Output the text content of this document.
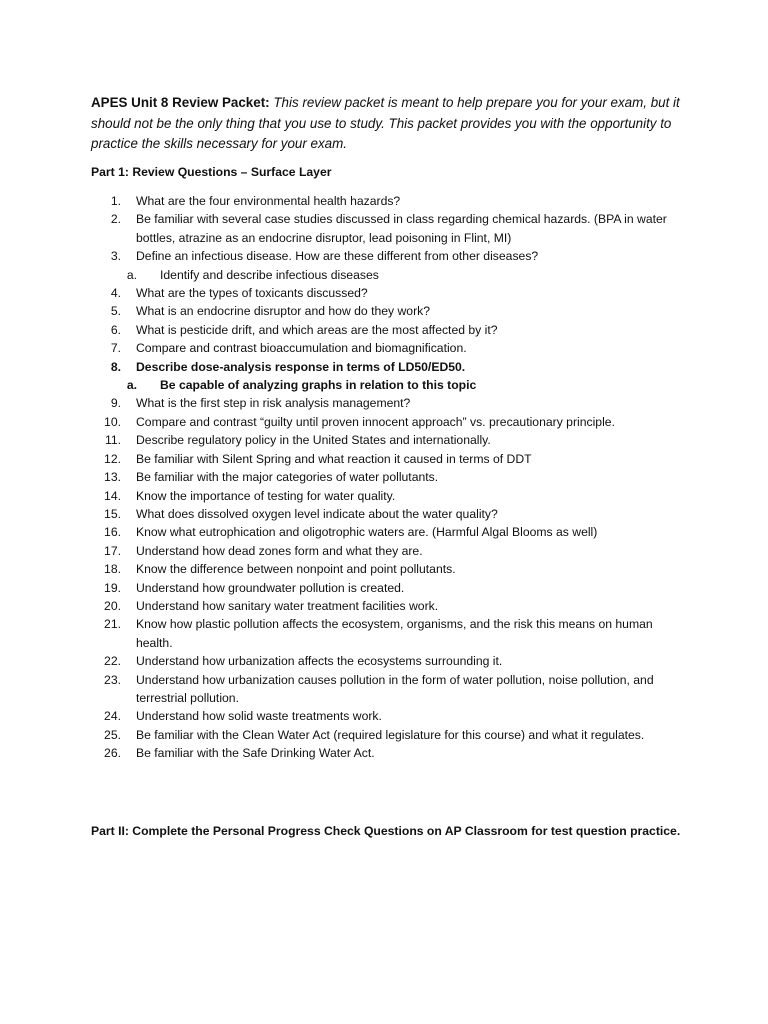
APES Unit 8 Review Packet: This review packet is meant to help prepare you for your exam, but it should not be the only thing that you use to study. This packet provides you with the opportunity to practice the skills necessary for your exam.

Part 1: Review Questions – Surface Layer

1.	What are the four environmental health hazards?
2.	Be familiar with several case studies discussed in class regarding chemical hazards. (BPA in water bottles, atrazine as an endocrine disruptor, lead poisoning in Flint, MI)
3.	Define an infectious disease. How are these different from other diseases?
a.	Identify and describe infectious diseases
4.	What are the types of toxicants discussed?
5.	What is an endocrine disruptor and how do they work?
6.	What is pesticide drift, and which areas are the most affected by it?
7.	Compare and contrast bioaccumulation and biomagnification.
8.	Describe dose-analysis response in terms of LD50/ED50.
a.	Be capable of analyzing graphs in relation to this topic
9.	What is the first step in risk analysis management?
10.	Compare and contrast “guilty until proven innocent approach” vs. precautionary principle.
11.	Describe regulatory policy in the United States and internationally.
12.	Be familiar with Silent Spring and what reaction it caused in terms of DDT
13.	Be familiar with the major categories of water pollutants.
14.	Know the importance of testing for water quality.
15.	What does dissolved oxygen level indicate about the water quality?
16.	Know what eutrophication and oligotrophic waters are. (Harmful Algal Blooms as well)
17.	Understand how dead zones form and what they are.
18.	Know the difference between nonpoint and point pollutants.
19.	Understand how groundwater pollution is created.
20.	Understand how sanitary water treatment facilities work.
21.	Know how plastic pollution affects the ecosystem, organisms, and the risk this means on human health.
22.	Understand how urbanization affects the ecosystems surrounding it.
23.	Understand how urbanization causes pollution in the form of water pollution, noise pollution, and terrestrial pollution.
24.	Understand how solid waste treatments work.
25.	Be familiar with the Clean Water Act (required legislature for this course) and what it regulates.
26.	Be familiar with the Safe Drinking Water Act.

Part II: Complete the Personal Progress Check Questions on AP Classroom for test question practice.
